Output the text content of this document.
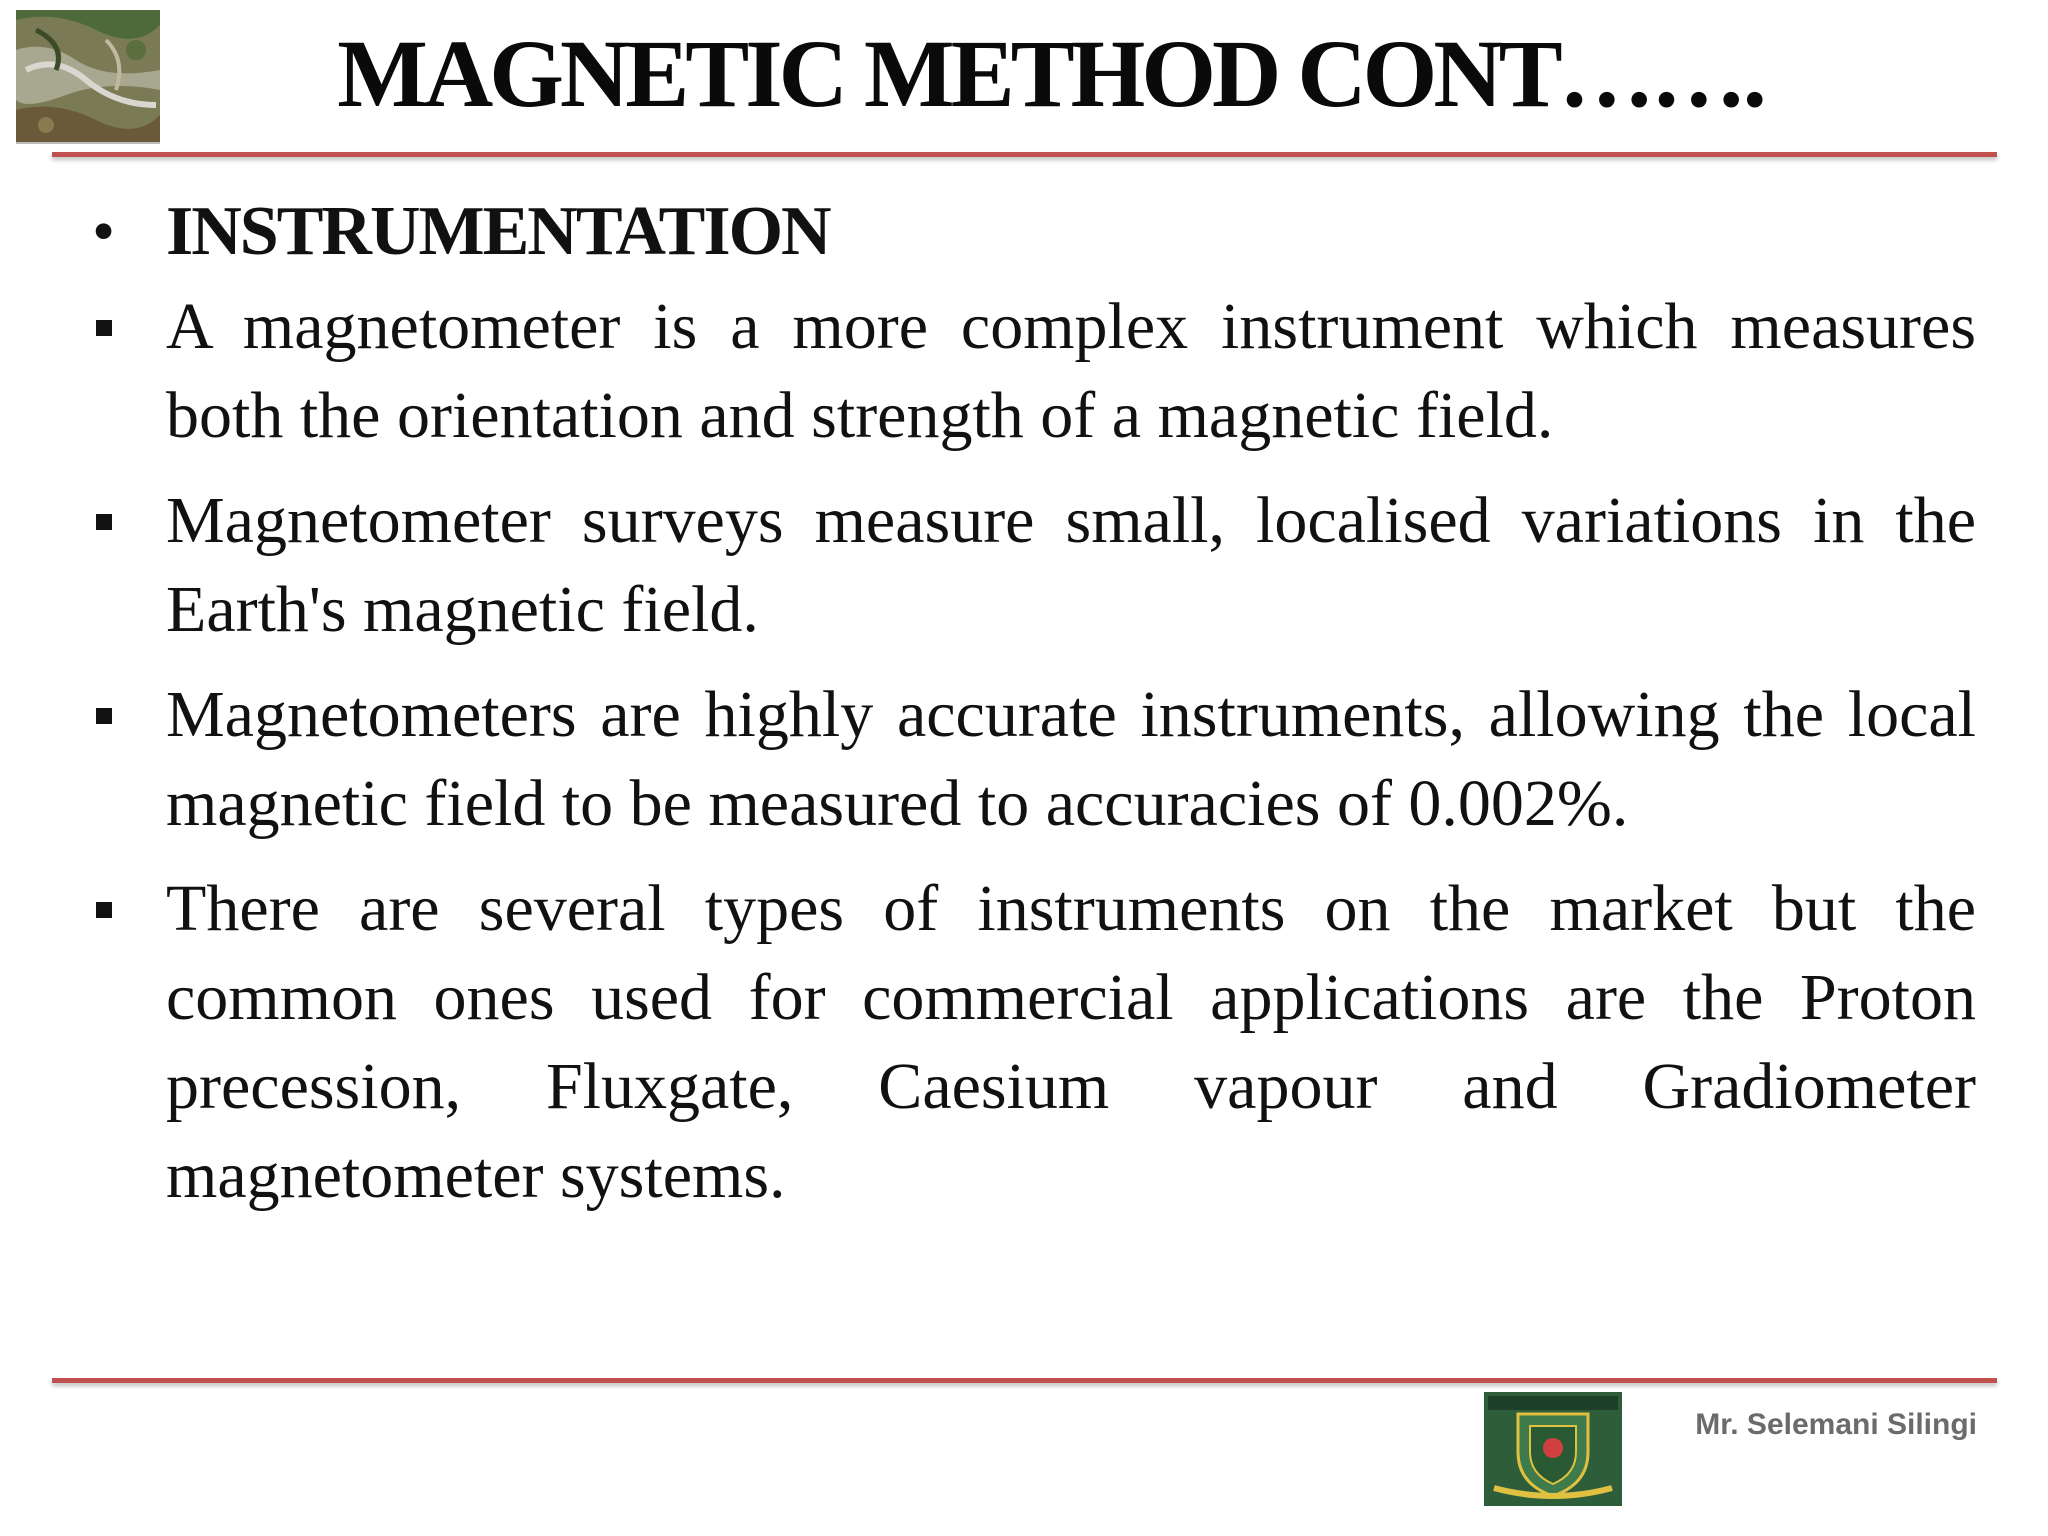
MAGNETIC METHOD CONT…….
• INSTRUMENTATION
A magnetometer is a more complex instrument which measures both the orientation and strength of a magnetic field.
Magnetometer surveys measure small, localised variations in the Earth's magnetic field.
Magnetometers are highly accurate instruments, allowing the local magnetic field to be measured to accuracies of 0.002%.
There are several types of instruments on the market but the common ones used for commercial applications are the Proton precession, Fluxgate, Caesium vapour and Gradiometer magnetometer systems.
Mr. Selemani Silingi
